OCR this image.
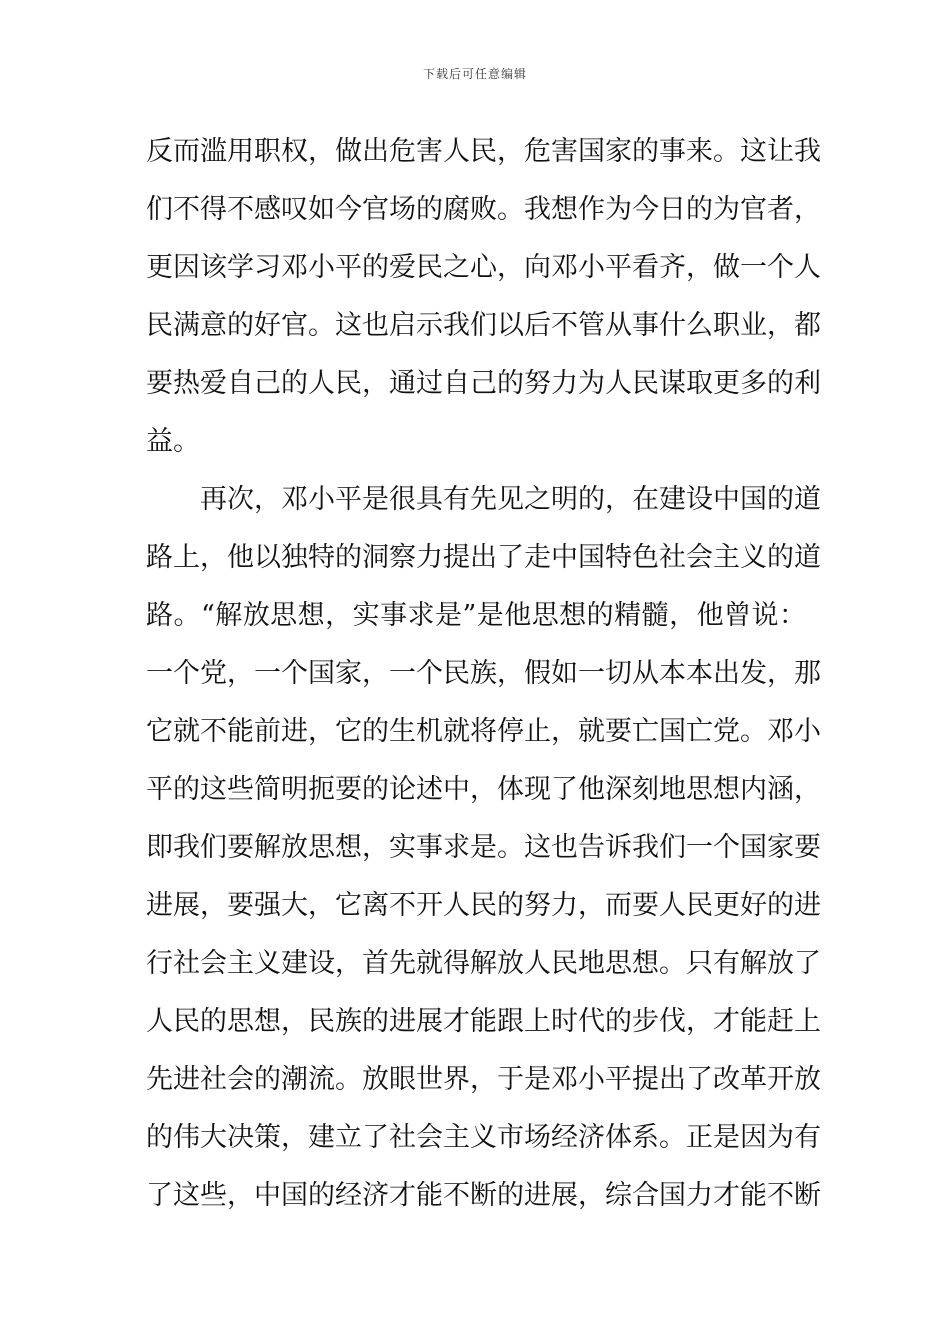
下载后可任意编辑
反而滥用职权，做出危害人民，危害国家的事来。这让我
们不得不感叹如今官场的腐败。我想作为今日的为官者，
更因该学习邓小平的爱民之心，向邓小平看齐，做一个人
民满意的好官。这也启示我们以后不管从事什么职业，都
要热爱自己的人民，通过自己的努力为人民谋取更多的利
益。
再次，邓小平是很具有先见之明的，在建设中国的道
路上，他以独特的洞察力提出了走中国特色社会主义的道
路。“解放思想，实事求是”是他思想的精髓，他曾说：
一个党，一个国家，一个民族，假如一切从本本出发，那
它就不能前进，它的生机就将停止，就要亡国亡党。邓小
平的这些简明扼要的论述中，体现了他深刻地思想内涵，
即我们要解放思想，实事求是。这也告诉我们一个国家要
进展，要强大，它离不开人民的努力，而要人民更好的进
行社会主义建设，首先就得解放人民地思想。只有解放了
人民的思想，民族的进展才能跟上时代的步伐，才能赶上
先进社会的潮流。放眼世界，于是邓小平提出了改革开放
的伟大决策，建立了社会主义市场经济体系。正是因为有
了这些，中国的经济才能不断的进展，综合国力才能不断
